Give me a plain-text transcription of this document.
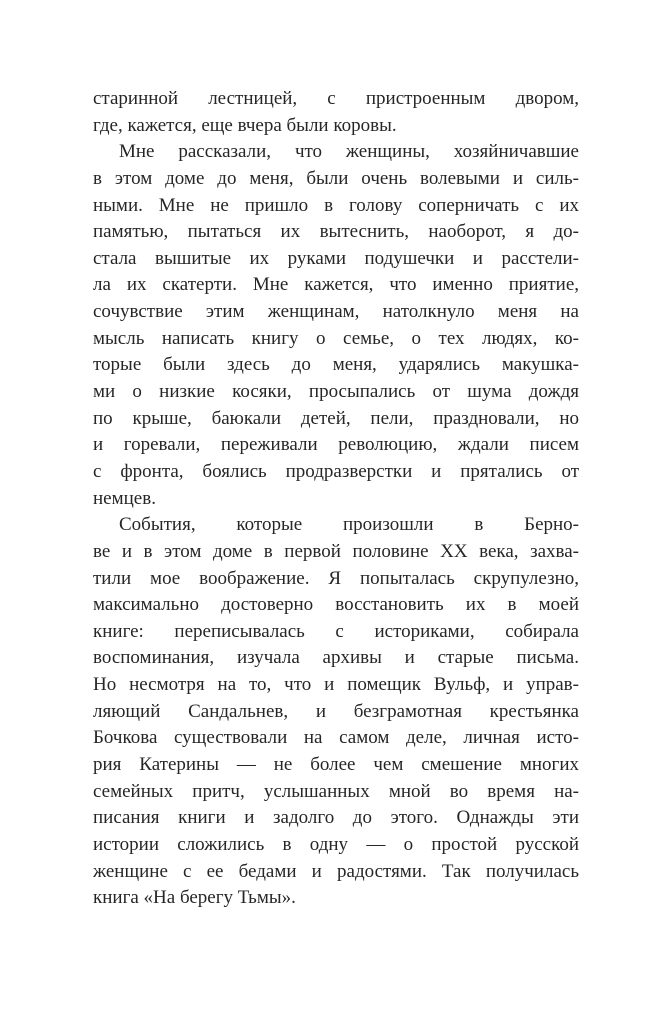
старинной лестницей, с пристроенным двором,
где, кажется, еще вчера были коровы.
Мне рассказали, что женщины, хозяйничавшие
в этом доме до меня, были очень волевыми и силь-
ными. Мне не пришло в голову соперничать с их
памятью, пытаться их вытеснить, наоборот, я до-
стала вышитые их руками подушечки и расстели-
ла их скатерти. Мне кажется, что именно приятие,
сочувствие этим женщинам, натолкнуло меня на
мысль написать книгу о семье, о тех людях, ко-
торые были здесь до меня, ударялись макушка-
ми о низкие косяки, просыпались от шума дождя
по крыше, баюкали детей, пели, праздновали, но
и горевали, переживали революцию, ждали писем
с фронта, боялись продразверстки и прятались от
немцев.
События, которые произошли в Берно-
ве и в этом доме в первой половине XX века, захва-
тили мое воображение. Я попыталась скрупулезно,
максимально достоверно восстановить их в моей
книге: переписывалась с историками, собирала
воспоминания, изучала архивы и старые письма.
Но несмотря на то, что и помещик Вульф, и управ-
ляющий Сандальнев, и безграмотная крестьянка
Бочкова существовали на самом деле, личная исто-
рия Катерины — не более чем смешение многих
семейных притч, услышанных мной во время на-
писания книги и задолго до этого. Однажды эти
истории сложились в одну — о простой русской
женщине с ее бедами и радостями. Так получилась
книга «На берегу Тьмы».
